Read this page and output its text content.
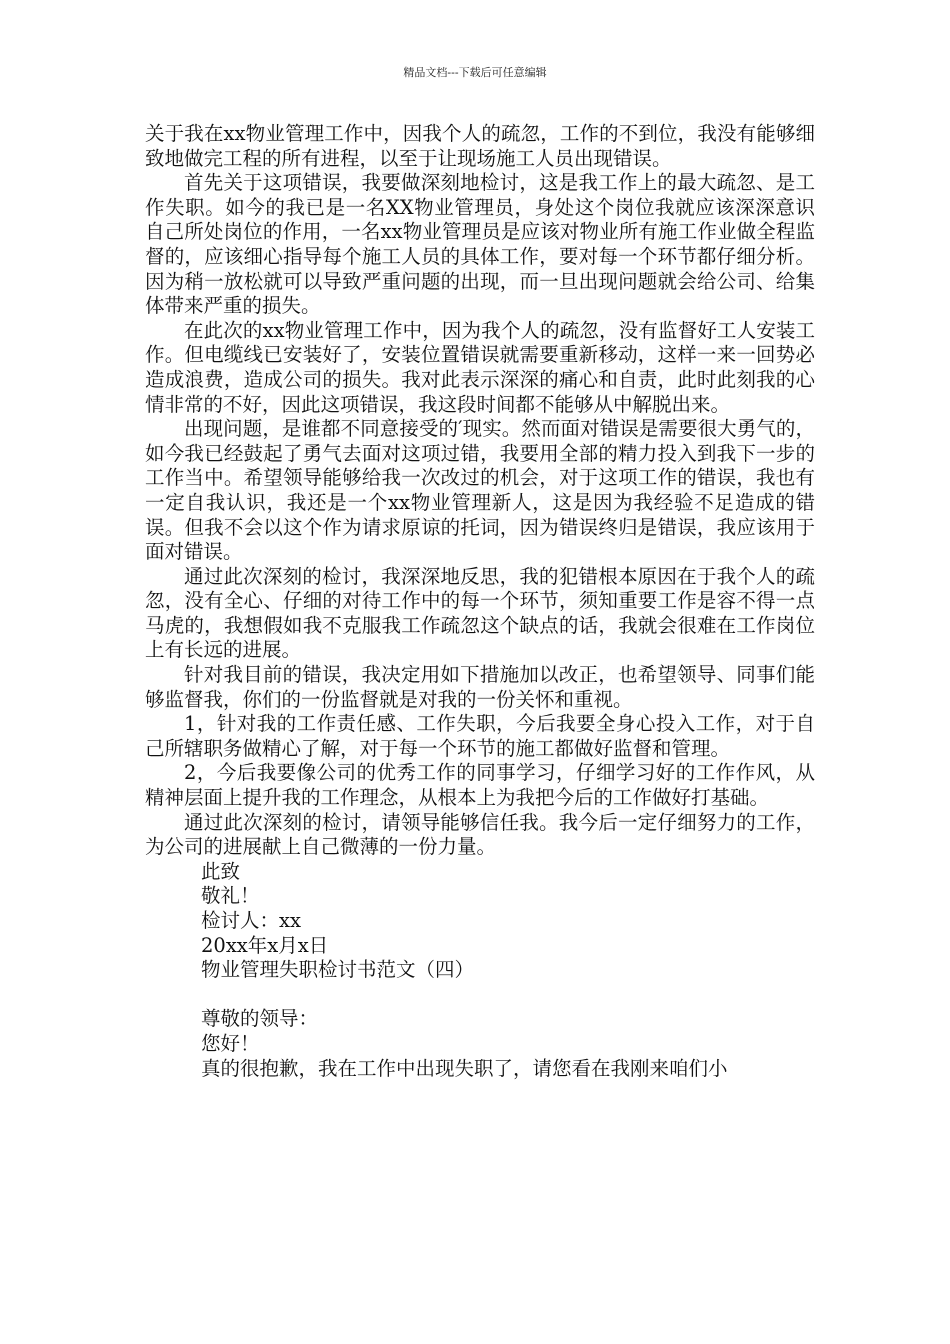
精品文档---下载后可任意编辑

关于我在xx物业管理工作中，因我个人的疏忽，工作的不到位，我没有能够细致地做完工程的所有进程，以至于让现场施工人员出现错误。

首先关于这项错误，我要做深刻地检讨，这是我工作上的最大疏忽、是工作失职。如今的我已是一名XX物业管理员，身处这个岗位我就应该深深意识自己所处岗位的作用，一名xx物业管理员是应该对物业所有施工作业做全程监督的，应该细心指导每个施工人员的具体工作，要对每一个环节都仔细分析。因为稍一放松就可以导致严重问题的出现，而一旦出现问题就会给公司、给集体带来严重的损失。

在此次的xx物业管理工作中，因为我个人的疏忽，没有监督好工人安装工作。但电缆线已安装好了，安装位置错误就需要重新移动，这样一来一回势必造成浪费，造成公司的损失。我对此表示深深的痛心和自责，此时此刻我的心情非常的不好，因此这项错误，我这段时间都不能够从中解脱出来。

出现问题，是谁都不同意接受的′现实。然而面对错误是需要很大勇气的，如今我已经鼓起了勇气去面对这项过错，我要用全部的精力投入到我下一步的工作当中。希望领导能够给我一次改过的机会，对于这项工作的错误，我也有一定自我认识，我还是一个xx物业管理新人，这是因为我经验不足造成的错误。但我不会以这个作为请求原谅的托词，因为错误终归是错误，我应该用于面对错误。

通过此次深刻的检讨，我深深地反思，我的犯错根本原因在于我个人的疏忽，没有全心、仔细的对待工作中的每一个环节，须知重要工作是容不得一点马虎的，我想假如我不克服我工作疏忽这个缺点的话，我就会很难在工作岗位上有长远的进展。

针对我目前的错误，我决定用如下措施加以改正，也希望领导、同事们能够监督我，你们的一份监督就是对我的一份关怀和重视。

1，针对我的工作责任感、工作失职，今后我要全身心投入工作，对于自己所辖职务做精心了解，对于每一个环节的施工都做好监督和管理。

2，今后我要像公司的优秀工作的同事学习，仔细学习好的工作作风，从精神层面上提升我的工作理念，从根本上为我把今后的工作做好打基础。

通过此次深刻的检讨，请领导能够信任我。我今后一定仔细努力的工作，为公司的进展献上自己微薄的一份力量。

此致

敬礼！

检讨人：xx

20xx年x月x日

物业管理失职检讨书范文（四）

尊敬的领导：

您好！

真的很抱歉，我在工作中出现失职了，请您看在我刚来咱们小
